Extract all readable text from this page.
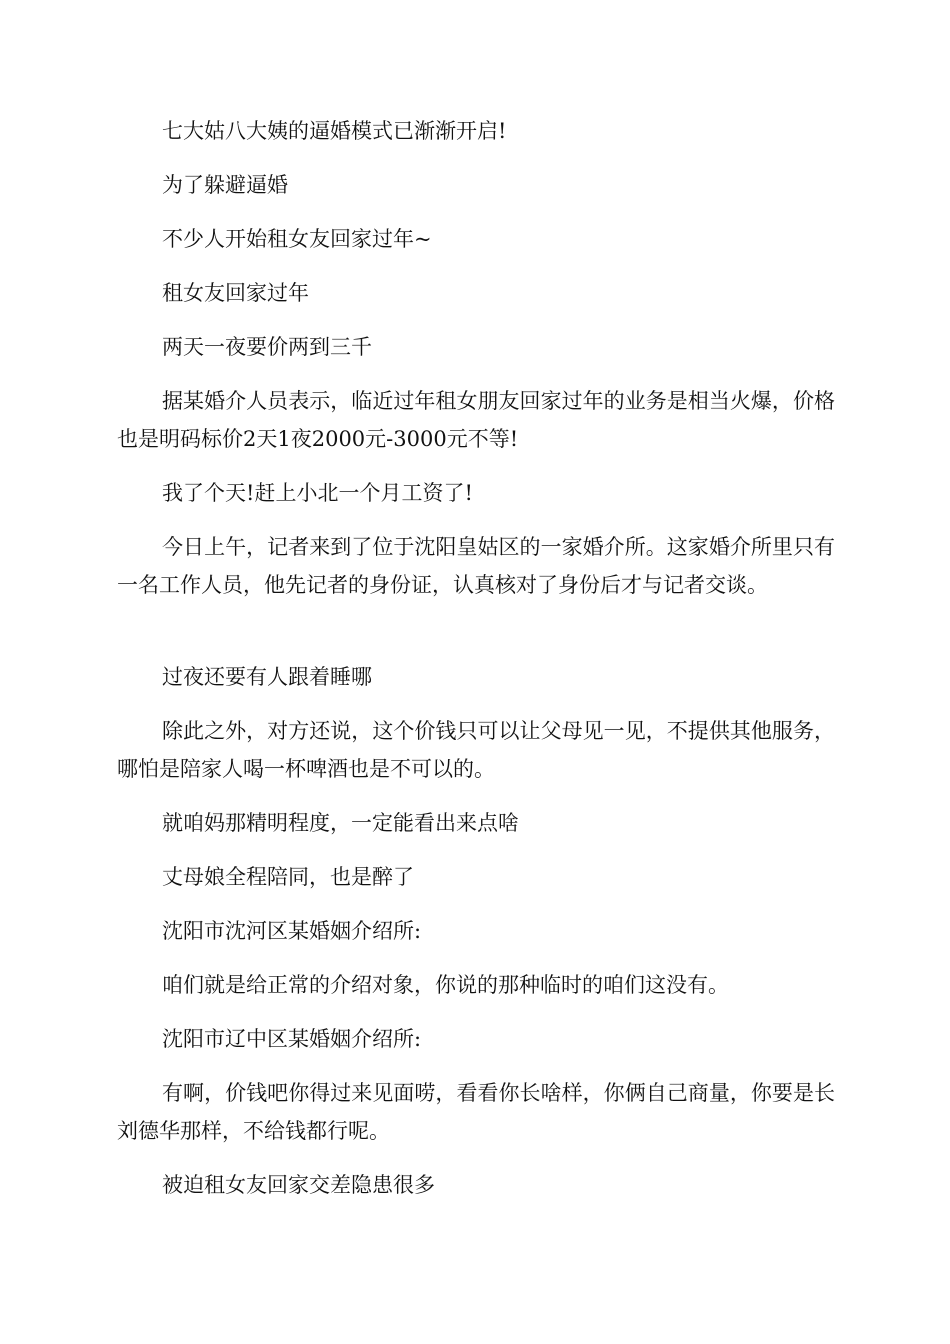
七大姑八大姨的逼婚模式已渐渐开启!

为了躲避逼婚

不少人开始租女友回家过年~

租女友回家过年

两天一夜要价两到三千

据某婚介人员表示，临近过年租女朋友回家过年的业务是相当火爆，价格也是明码标价2天1夜2000元-3000元不等!

我了个天!赶上小北一个月工资了!

今日上午，记者来到了位于沈阳皇姑区的一家婚介所。这家婚介所里只有一名工作人员，他先记者的身份证，认真核对了身份后才与记者交谈。

过夜还要有人跟着睡哪

除此之外，对方还说，这个价钱只可以让父母见一见，不提供其他服务，哪怕是陪家人喝一杯啤酒也是不可以的。

就咱妈那精明程度，一定能看出来点啥

丈母娘全程陪同，也是醉了

沈阳市沈河区某婚姻介绍所:

咱们就是给正常的介绍对象，你说的那种临时的咱们这没有。

沈阳市辽中区某婚姻介绍所:

有啊，价钱吧你得过来见面唠，看看你长啥样，你俩自己商量，你要是长刘德华那样，不给钱都行呢。

被迫租女友回家交差隐患很多
